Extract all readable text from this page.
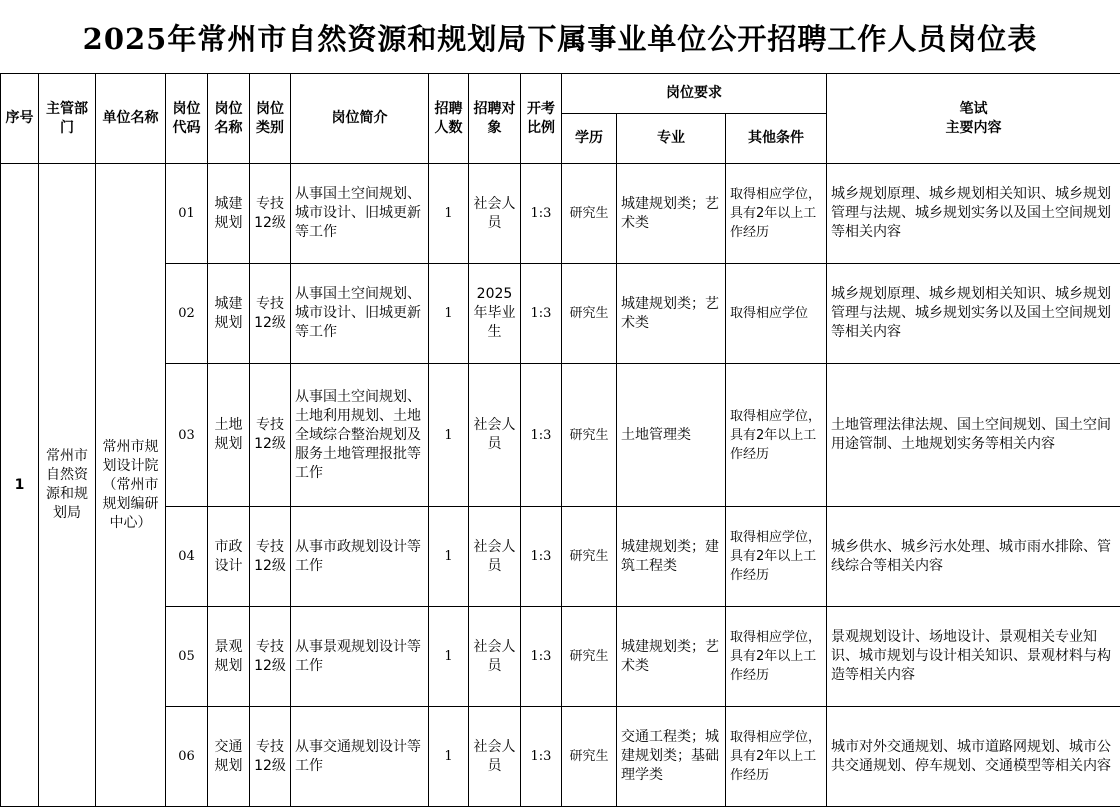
2025年常州市自然资源和规划局下属事业单位公开招聘工作人员岗位表
序号	主管部门	单位名称	岗位代码	岗位名称	岗位类别	岗位简介	招聘人数	招聘对象	开考比例	岗位要求			笔试
主要内容
										学历	专业	其他条件	
1	常州市自然资源和规划局	常州市规划设计院（常州市规划编研中心）	01	城建规划	专技12级	从事国土空间规划、城市设计、旧城更新等工作	1	社会人员	1:3	研究生	城建规划类；艺术类	取得相应学位，具有2年以上工作经历	城乡规划原理、城乡规划相关知识、城乡规划管理与法规、城乡规划实务以及国土空间规划等相关内容
			02	城建规划	专技12级	从事国土空间规划、城市设计、旧城更新等工作	1	2025年毕业生	1:3	研究生	城建规划类；艺术类	取得相应学位	城乡规划原理、城乡规划相关知识、城乡规划管理与法规、城乡规划实务以及国土空间规划等相关内容
			03	土地规划	专技12级	从事国土空间规划、土地利用规划、土地全域综合整治规划及服务土地管理报批等工作	1	社会人员	1:3	研究生	土地管理类	取得相应学位，具有2年以上工作经历	土地管理法律法规、国土空间规划、国土空间用途管制、土地规划实务等相关内容
			04	市政设计	专技12级	从事市政规划设计等工作	1	社会人员	1:3	研究生	城建规划类；建筑工程类	取得相应学位，具有2年以上工作经历	城乡供水、城乡污水处理、城市雨水排除、管线综合等相关内容
			05	景观规划	专技12级	从事景观规划设计等工作	1	社会人员	1:3	研究生	城建规划类；艺术类	取得相应学位，具有2年以上工作经历	景观规划设计、场地设计、景观相关专业知识、城市规划与设计相关知识、景观材料与构造等相关内容
			06	交通规划	专技12级	从事交通规划设计等工作	1	社会人员	1:3	研究生	交通工程类；城建规划类；基础理学类	取得相应学位，具有2年以上工作经历	城市对外交通规划、城市道路网规划、城市公共交通规划、停车规划、交通模型等相关内容
